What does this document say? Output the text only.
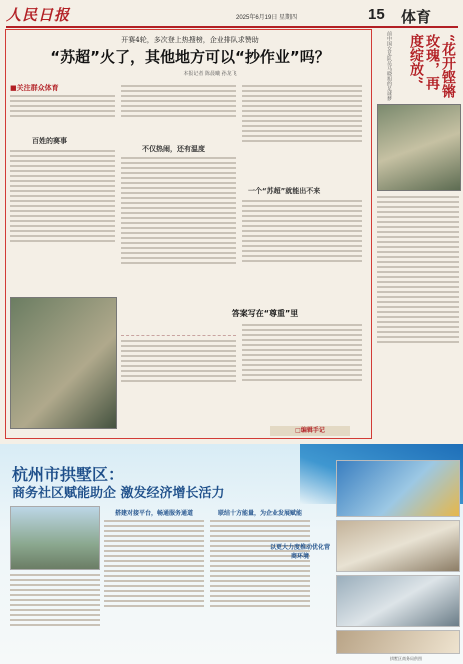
人民日报	2025年6月19日 星期四	15 体育
开赛4轮，多次登上热搜榜，企业排队求赞助
“苏超”火了，其他地方可以“抄作业”吗？
本报记者 陈晨曦 孙龙飞
■关注群众体育
百姓的赛事
不仅热闹，还有温度
一个“苏超”就能出不来
答案写在“尊重”里
□编辑手记
前中国女足队员马晓旭的足球梦	“花开铿锵玫瑰，再度绽放”
杭州市拱墅区：
商务社区赋能助企 激发经济增长活力
搭建对接平台，畅通服务通道	联结十方能量，为企业发展赋能
以更大力度推动优化营商环境
拱墅区商务局供图
